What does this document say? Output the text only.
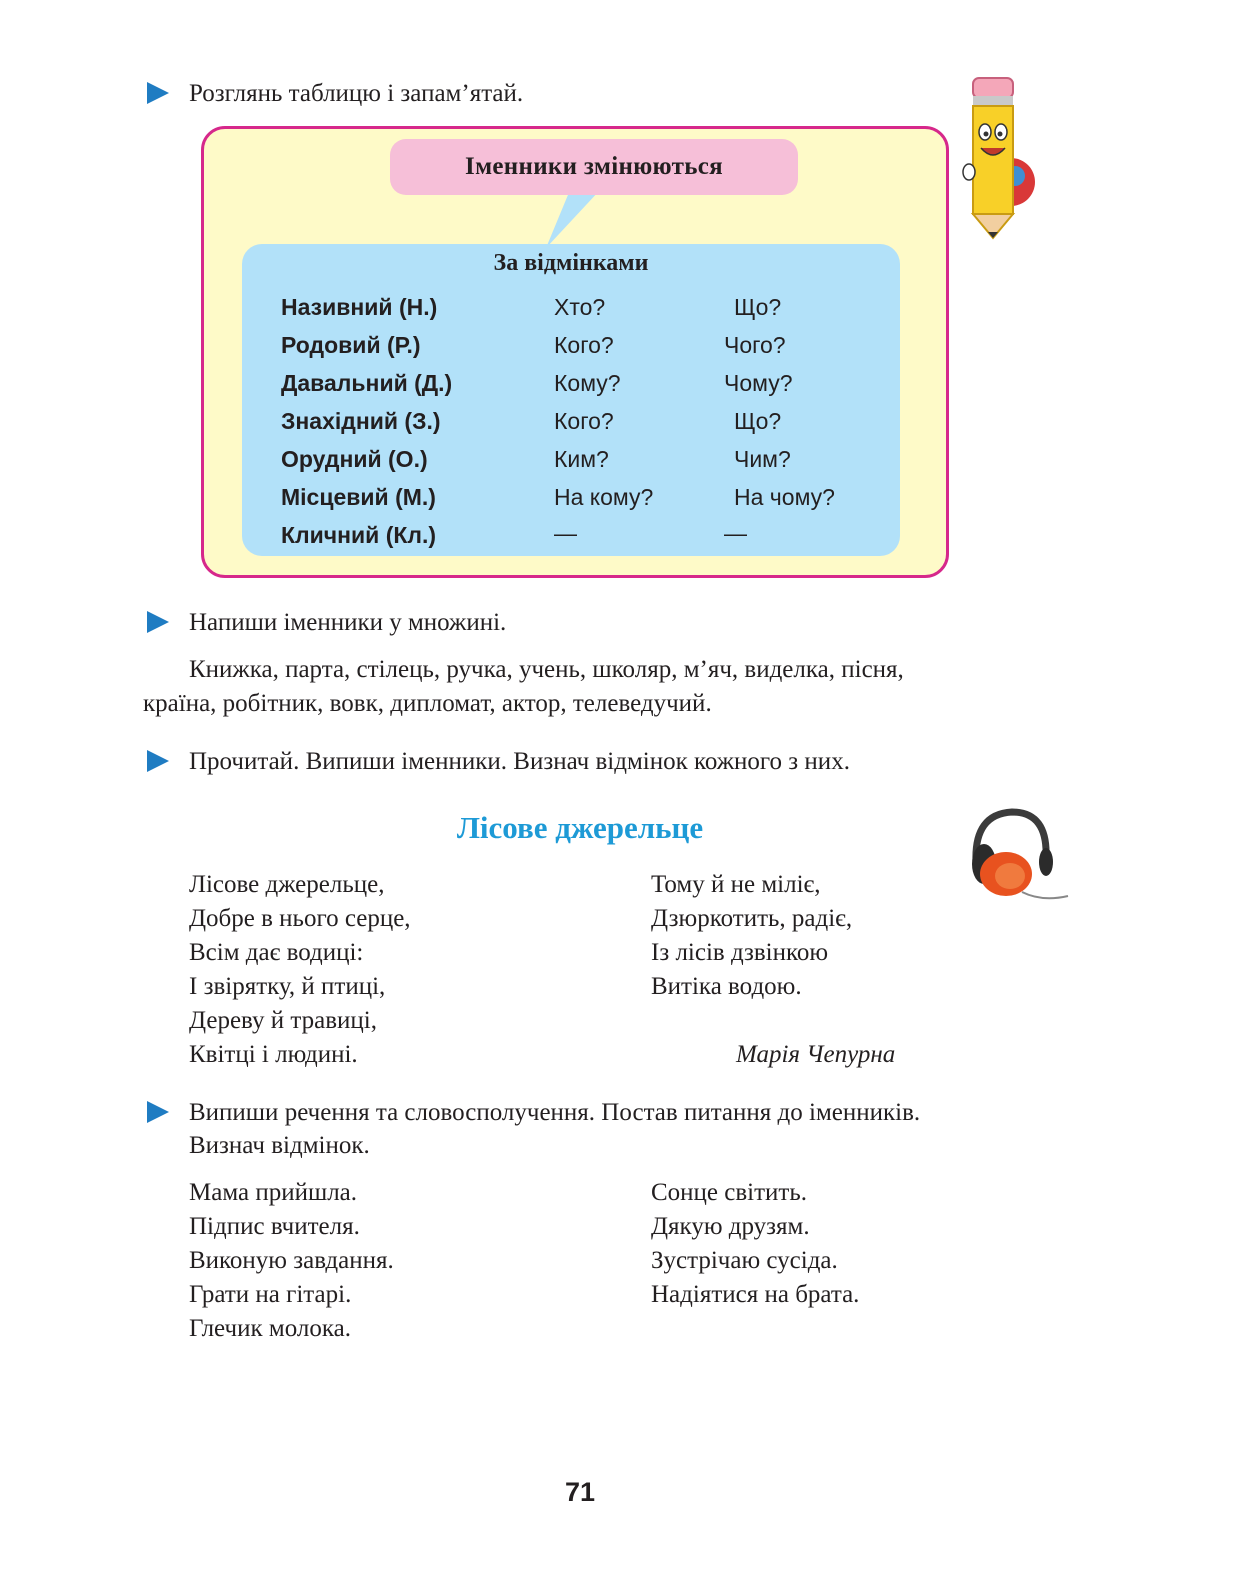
Розглянь таблицю і запам’ятай.
Іменники змінюються
За відмінками
Називний (Н.)	Хто?	Що?
Родовий (Р.)	Кого?	Чого?
Давальний (Д.)	Кому?	Чому?
Знахідний (З.)	Кого?	Що?
Орудний (О.)	Ким?	Чим?
Місцевий (М.)	На кому?	На чому?
Кличний (Кл.)	—	—
Напиши іменники у множині.
Книжка, парта, стілець, ручка, учень, школяр, м’яч, виделка, пісня,
країна, робітник, вовк, дипломат, актор, телеведучий.
Прочитай. Випиши іменники. Визнач відмінок кожного з них.
Лісове джерельце
Лісове джерельце,
Добре в нього серце,
Всім дає водиці:
І звірятку, й птиці,
Дереву й травиці,
Квітці і людині.
Тому й не міліє,
Дзюркотить, радіє,
Із лісів дзвінкою
Витіка водою.
Марія Чепурна
Випиши речення та словосполучення. Постав питання до іменників.
Визнач відмінок.
Мама прийшла.
Підпис вчителя.
Виконую завдання.
Грати на гітарі.
Глечик молока.
Сонце світить.
Дякую друзям.
Зустрічаю сусіда.
Надіятися на брата.
71
